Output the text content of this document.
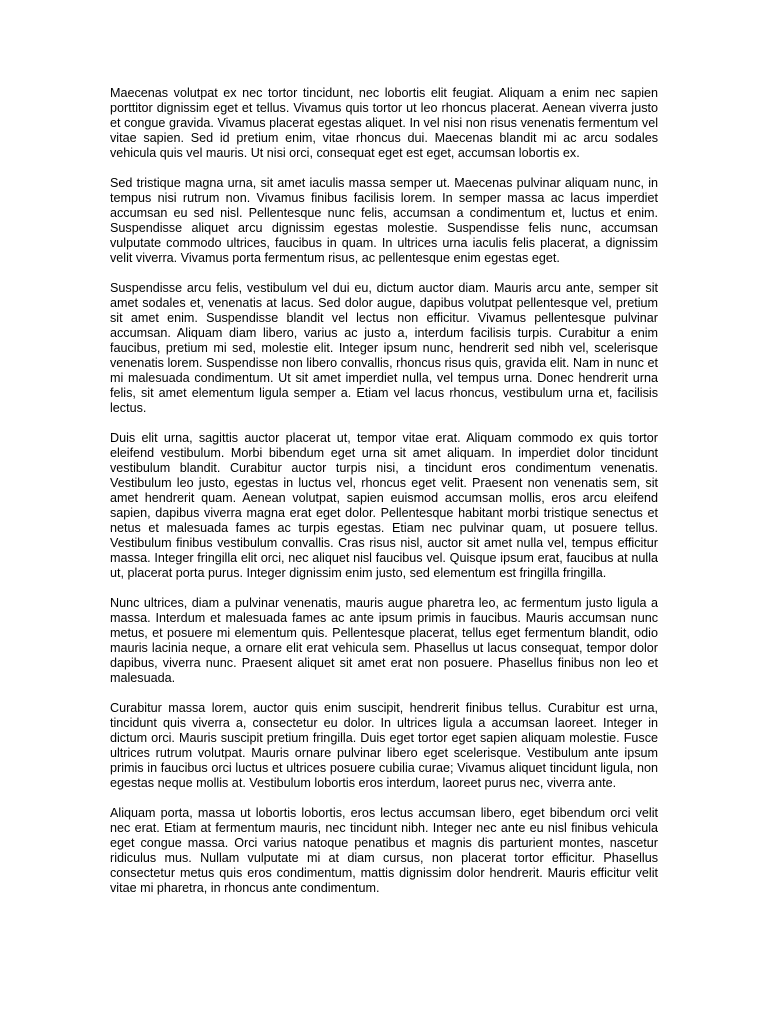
Maecenas volutpat ex nec tortor tincidunt, nec lobortis elit feugiat. Aliquam a enim nec sapien porttitor dignissim eget et tellus. Vivamus quis tortor ut leo rhoncus placerat. Aenean viverra justo et congue gravida. Vivamus placerat egestas aliquet. In vel nisi non risus venenatis fermentum vel vitae sapien. Sed id pretium enim, vitae rhoncus dui. Maecenas blandit mi ac arcu sodales vehicula quis vel mauris. Ut nisi orci, consequat eget est eget, accumsan lobortis ex.

Sed tristique magna urna, sit amet iaculis massa semper ut. Maecenas pulvinar aliquam nunc, in tempus nisi rutrum non. Vivamus finibus facilisis lorem. In semper massa ac lacus imperdiet accumsan eu sed nisl. Pellentesque nunc felis, accumsan a condimentum et, luctus et enim. Suspendisse aliquet arcu dignissim egestas molestie. Suspendisse felis nunc, accumsan vulputate commodo ultrices, faucibus in quam. In ultrices urna iaculis felis placerat, a dignissim velit viverra. Vivamus porta fermentum risus, ac pellentesque enim egestas eget.

Suspendisse arcu felis, vestibulum vel dui eu, dictum auctor diam. Mauris arcu ante, semper sit amet sodales et, venenatis at lacus. Sed dolor augue, dapibus volutpat pellentesque vel, pretium sit amet enim. Suspendisse blandit vel lectus non efficitur. Vivamus pellentesque pulvinar accumsan. Aliquam diam libero, varius ac justo a, interdum facilisis turpis. Curabitur a enim faucibus, pretium mi sed, molestie elit. Integer ipsum nunc, hendrerit sed nibh vel, scelerisque venenatis lorem. Suspendisse non libero convallis, rhoncus risus quis, gravida elit. Nam in nunc et mi malesuada condimentum. Ut sit amet imperdiet nulla, vel tempus urna. Donec hendrerit urna felis, sit amet elementum ligula semper a. Etiam vel lacus rhoncus, vestibulum urna et, facilisis lectus.

Duis elit urna, sagittis auctor placerat ut, tempor vitae erat. Aliquam commodo ex quis tortor eleifend vestibulum. Morbi bibendum eget urna sit amet aliquam. In imperdiet dolor tincidunt vestibulum blandit. Curabitur auctor turpis nisi, a tincidunt eros condimentum venenatis. Vestibulum leo justo, egestas in luctus vel, rhoncus eget velit. Praesent non venenatis sem, sit amet hendrerit quam. Aenean volutpat, sapien euismod accumsan mollis, eros arcu eleifend sapien, dapibus viverra magna erat eget dolor. Pellentesque habitant morbi tristique senectus et netus et malesuada fames ac turpis egestas. Etiam nec pulvinar quam, ut posuere tellus. Vestibulum finibus vestibulum convallis. Cras risus nisl, auctor sit amet nulla vel, tempus efficitur massa. Integer fringilla elit orci, nec aliquet nisl faucibus vel. Quisque ipsum erat, faucibus at nulla ut, placerat porta purus. Integer dignissim enim justo, sed elementum est fringilla fringilla.

Nunc ultrices, diam a pulvinar venenatis, mauris augue pharetra leo, ac fermentum justo ligula a massa. Interdum et malesuada fames ac ante ipsum primis in faucibus. Mauris accumsan nunc metus, et posuere mi elementum quis. Pellentesque placerat, tellus eget fermentum blandit, odio mauris lacinia neque, a ornare elit erat vehicula sem. Phasellus ut lacus consequat, tempor dolor dapibus, viverra nunc. Praesent aliquet sit amet erat non posuere. Phasellus finibus non leo et malesuada.

Curabitur massa lorem, auctor quis enim suscipit, hendrerit finibus tellus. Curabitur est urna, tincidunt quis viverra a, consectetur eu dolor. In ultrices ligula a accumsan laoreet. Integer in dictum orci. Mauris suscipit pretium fringilla. Duis eget tortor eget sapien aliquam molestie. Fusce ultrices rutrum volutpat. Mauris ornare pulvinar libero eget scelerisque. Vestibulum ante ipsum primis in faucibus orci luctus et ultrices posuere cubilia curae; Vivamus aliquet tincidunt ligula, non egestas neque mollis at. Vestibulum lobortis eros interdum, laoreet purus nec, viverra ante.

Aliquam porta, massa ut lobortis lobortis, eros lectus accumsan libero, eget bibendum orci velit nec erat. Etiam at fermentum mauris, nec tincidunt nibh. Integer nec ante eu nisl finibus vehicula eget congue massa. Orci varius natoque penatibus et magnis dis parturient montes, nascetur ridiculus mus. Nullam vulputate mi at diam cursus, non placerat tortor efficitur. Phasellus consectetur metus quis eros condimentum, mattis dignissim dolor hendrerit. Mauris efficitur velit vitae mi pharetra, in rhoncus ante condimentum.
